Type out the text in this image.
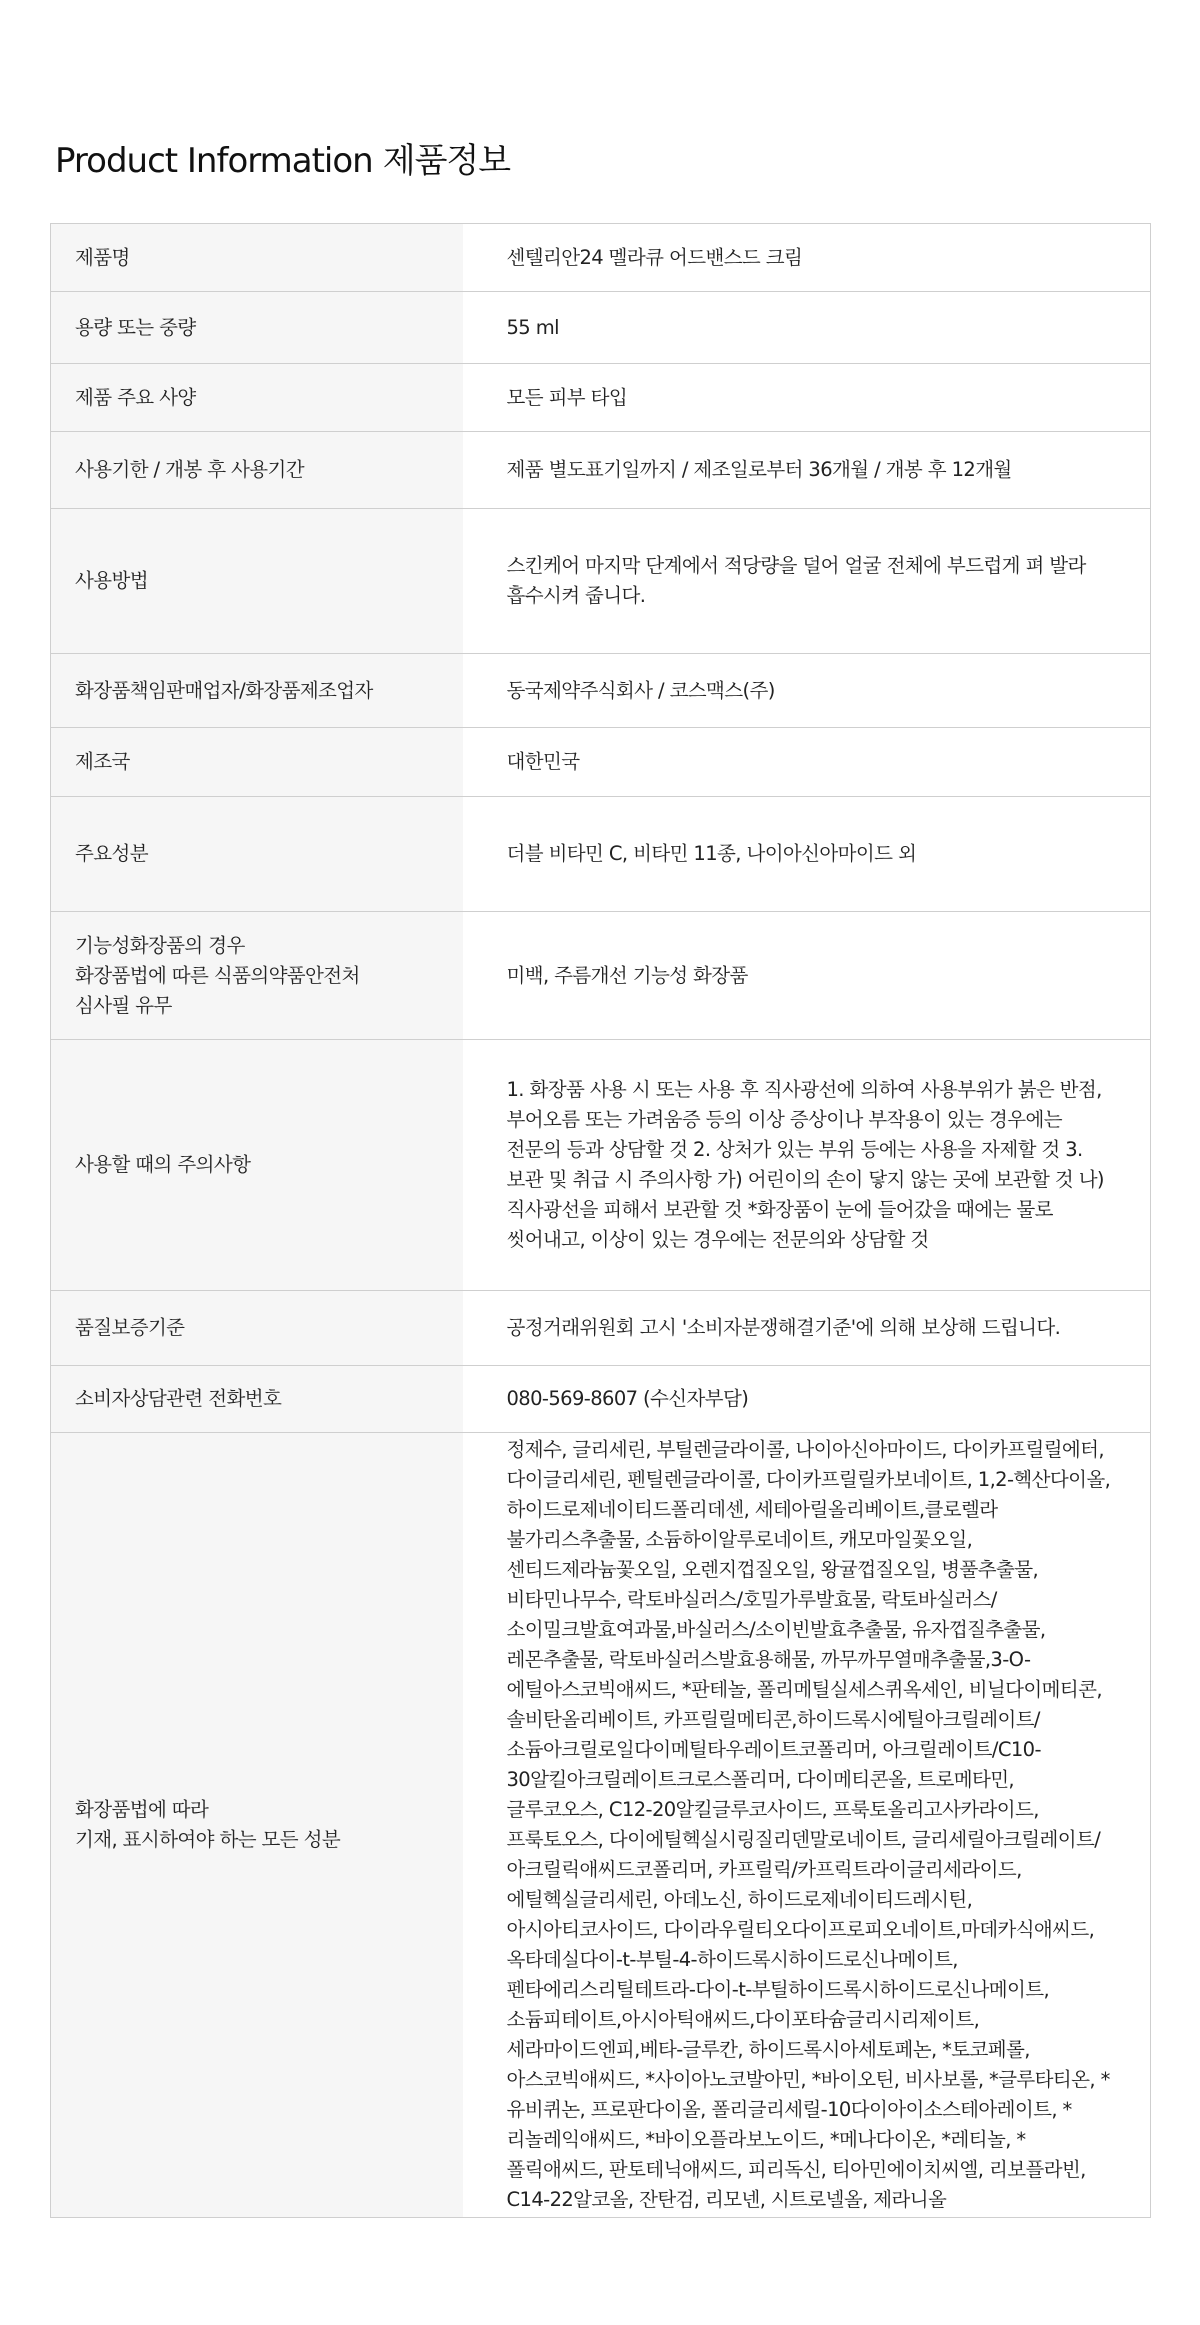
Product Information 제품정보
제품명	센텔리안24 멜라큐 어드밴스드 크림
용량 또는 중량	55 ml
제품 주요 사양	모든 피부 타입
사용기한 / 개봉 후 사용기간	제품 별도표기일까지 / 제조일로부터 36개월 / 개봉 후 12개월
사용방법	스킨케어 마지막 단계에서 적당량을 덜어 얼굴 전체에 부드럽게 펴 발라 흡수시켜 줍니다.
화장품책임판매업자/화장품제조업자	동국제약주식회사 / 코스맥스(주)
제조국	대한민국
주요성분	더블 비타민 C, 비타민 11종, 나이아신아마이드 외
기능성화장품의 경우
화장품법에 따른 식품의약품안전처
심사필 유무	미백, 주름개선 기능성 화장품
사용할 때의 주의사항	1. 화장품 사용 시 또는 사용 후 직사광선에 의하여 사용부위가 붉은 반점, 부어오름 또는 가려움증 등의 이상 증상이나 부작용이 있는 경우에는 전문의 등과 상담할 것 2. 상처가 있는 부위 등에는 사용을 자제할 것 3. 보관 및 취급 시 주의사항 가) 어린이의 손이 닿지 않는 곳에 보관할 것 나) 직사광선을 피해서 보관할 것 *화장품이 눈에 들어갔을 때에는 물로 씻어내고, 이상이 있는 경우에는 전문의와 상담할 것
품질보증기준	공정거래위원회 고시 '소비자분쟁해결기준'에 의해 보상해 드립니다.
소비자상담관련 전화번호	080-569-8607 (수신자부담)
화장품법에 따라
기재, 표시하여야 하는 모든 성분	정제수, 글리세린, 부틸렌글라이콜, 나이아신아마이드, 다이카프릴릴에터, 다이글리세린, 펜틸렌글라이콜, 다이카프릴릴카보네이트, 1,2-헥산다이올, 하이드로제네이티드폴리데센, 세테아릴올리베이트,클로렐라 불가리스추출물, 소듐하이알루로네이트, 캐모마일꽃오일, 센티드제라늄꽃오일, 오렌지껍질오일, 왕귤껍질오일, 병풀추출물, 비타민나무수, 락토바실러스/호밀가루발효물, 락토바실러스/소이밀크발효여과물,바실러스/소이빈발효추출물, 유자껍질추출물, 레몬추출물, 락토바실러스발효용해물, 까무까무열매추출물,3-O-에틸아스코빅애씨드, *판테놀, 폴리메틸실세스퀴옥세인, 비닐다이메티콘,솔비탄올리베이트, 카프릴릴메티콘,하이드록시에틸아크릴레이트/소듐아크릴로일다이메틸타우레이트코폴리머, 아크릴레이트/C10-30알킬아크릴레이트크로스폴리머, 다이메티콘올, 트로메타민, 글루코오스, C12-20알킬글루코사이드, 프룩토올리고사카라이드, 프룩토오스, 다이에틸헥실시링질리덴말로네이트, 글리세릴아크릴레이트/아크릴릭애씨드코폴리머, 카프릴릭/카프릭트라이글리세라이드, 에틸헥실글리세린, 아데노신, 하이드로제네이티드레시틴,아시아티코사이드, 다이라우릴티오다이프로피오네이트,마데카식애씨드,옥타데실다이-t-부틸-4-하이드록시하이드로신나메이트,펜타에리스리틸테트라-다이-t-부틸하이드록시하이드로신나메이트, 소듐피테이트,아시아틱애씨드,다이포타슘글리시리제이트, 세라마이드엔피,베타-글루칸, 하이드록시아세토페논, *토코페롤, 아스코빅애씨드, *사이아노코발아민, *바이오틴, 비사보롤, *글루타티온, *유비퀴논, 프로판다이올, 폴리글리세릴-10다이아이소스테아레이트, *리놀레익애씨드, *바이오플라보노이드, *메나다이온, *레티놀, *폴릭애씨드, 판토테닉애씨드, 피리독신, 티아민에이치씨엘, 리보플라빈, C14-22알코올, 잔탄검, 리모넨, 시트로넬올, 제라니올
